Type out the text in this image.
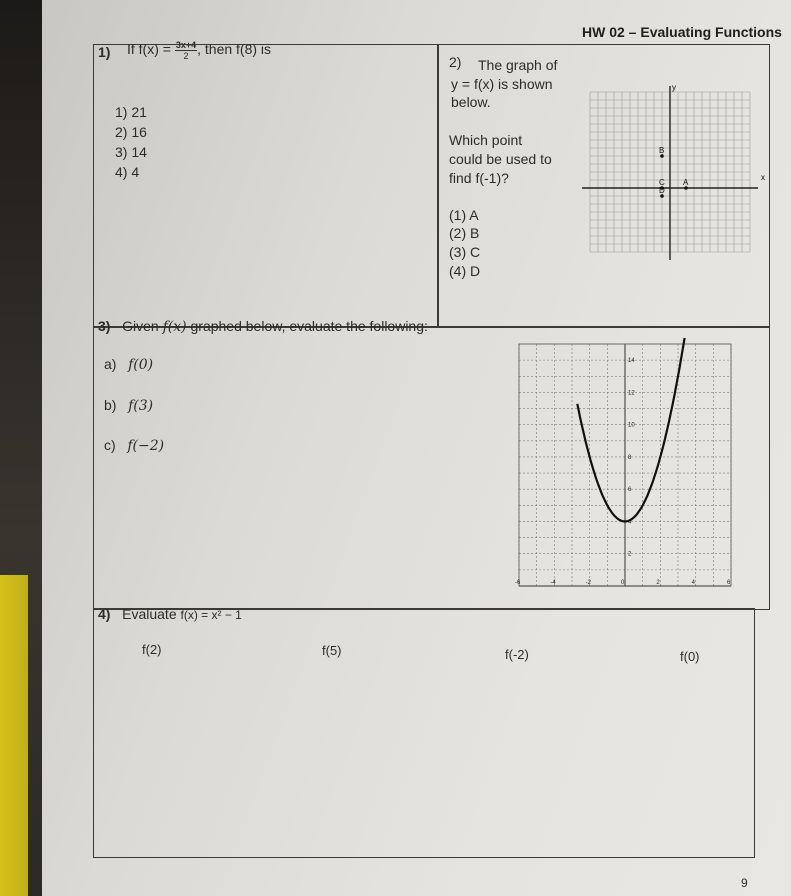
HW 02 – Evaluating Functions
1) If $f(x) = \frac{3x+4}{2}$ , then f(8) is
1) 21
2) 16
3) 14
4) 4
2) The graph of
y = f(x) is shown
below.
Which point
could be used to
find f(-1)?
(1) A
(2) B
(3) C
(4) D
y
x
A
B
C
D
3) Given f(x) graphed below, evaluate the following:
a) f(0)
b) f(3)
c) f(−2)
-6	-4	-2	0	2	4	6
2
4
6
8
10
12
14
4) Evaluate f(x) = x² − 1
f(2)	f(5)	f(-2)	f(0)
9
